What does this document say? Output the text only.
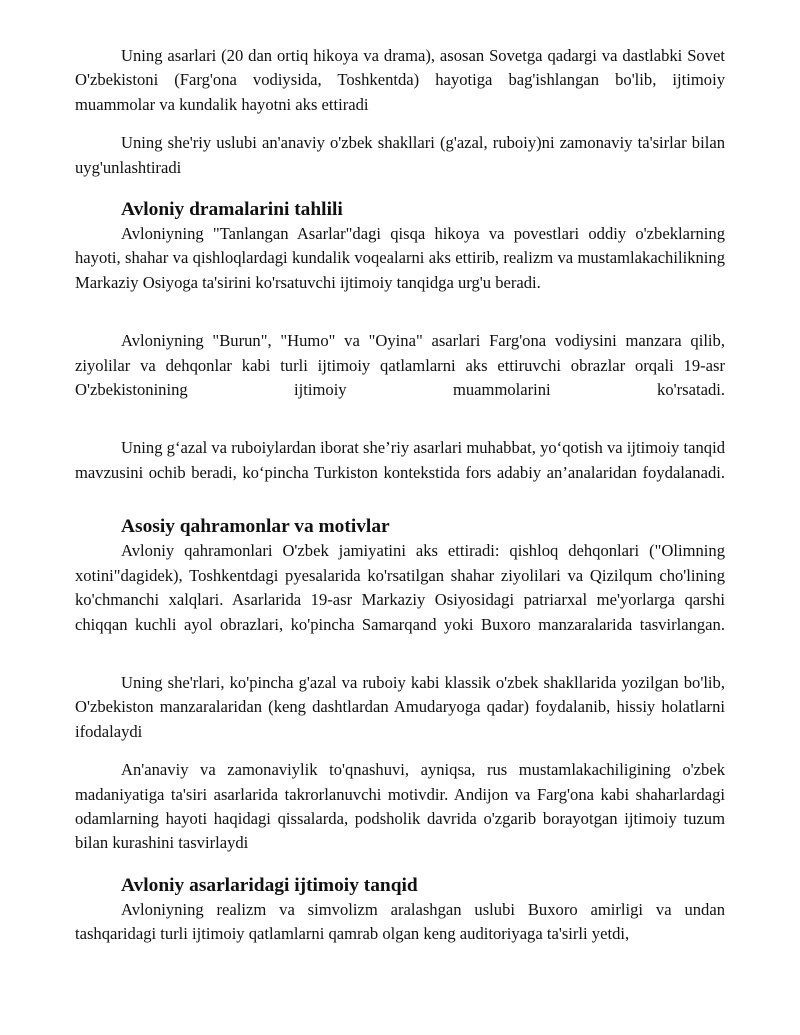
Uning asarlari (20 dan ortiq hikoya va drama), asosan Sovetga qadargi va dastlabki Sovet O'zbekistoni (Farg'ona vodiysida, Toshkentda) hayotiga bag'ishlangan bo'lib, ijtimoiy muammolar va kundalik hayotni aks ettiradi

Uning she'riy uslubi an'anaviy o'zbek shakllari (g'azal, ruboiy)ni zamonaviy ta'sirlar bilan uyg'unlashtiradi

Avloniy dramalarini tahlili

Avloniyning "Tanlangan Asarlar"dagi qisqa hikoya va povestlari oddiy o'zbeklarning hayoti, shahar va qishloqlardagi kundalik voqealarni aks ettirib, realizm va mustamlakachilikning Markaziy Osiyoga ta'sirini ko'rsatuvchi ijtimoiy tanqidga urg'u beradi.

Avloniyning "Burun", "Humo" va "Oyina" asarlari Farg'ona vodiysini manzara qilib, ziyolilar va dehqonlar kabi turli ijtimoiy qatlamlarni aks ettiruvchi obrazlar orqali 19-asr O'zbekistonining ijtimoiy muammolarini ko'rsatadi.

Uning g‘azal va ruboiylardan iborat she’riy asarlari muhabbat, yo‘qotish va ijtimoiy tanqid mavzusini ochib beradi, ko‘pincha Turkiston kontekstida fors adabiy an’analaridan foydalanadi.

Asosiy qahramonlar va motivlar

Avloniy qahramonlari O'zbek jamiyatini aks ettiradi: qishloq dehqonlari ("Olimning xotini"dagidek), Toshkentdagi pyesalarida ko'rsatilgan shahar ziyolilari va Qizilqum cho'lining ko'chmanchi xalqlari. Asarlarida 19-asr Markaziy Osiyosidagi patriarxal me'yorlarga qarshi chiqqan kuchli ayol obrazlari, ko'pincha Samarqand yoki Buxoro manzaralarida tasvirlangan.

Uning she'rlari, ko'pincha g'azal va ruboiy kabi klassik o'zbek shakllarida yozilgan bo'lib, O'zbekiston manzaralaridan (keng dashtlardan Amudaryoga qadar) foydalanib, hissiy holatlarni ifodalaydi

An'anaviy va zamonaviylik to'qnashuvi, ayniqsa, rus mustamlakachiligining o'zbek madaniyatiga ta'siri asarlarida takrorlanuvchi motivdir. Andijon va Farg'ona kabi shaharlardagi odamlarning hayoti haqidagi qissalarda, podsholik davrida o'zgarib borayotgan ijtimoiy tuzum bilan kurashini tasvirlaydi

Avloniy asarlaridagi ijtimoiy tanqid

Avloniyning realizm va simvolizm aralashgan uslubi Buxoro amirligi va undan tashqaridagi turli ijtimoiy qatlamlarni qamrab olgan keng auditoriyaga ta'sirli yetdi,
